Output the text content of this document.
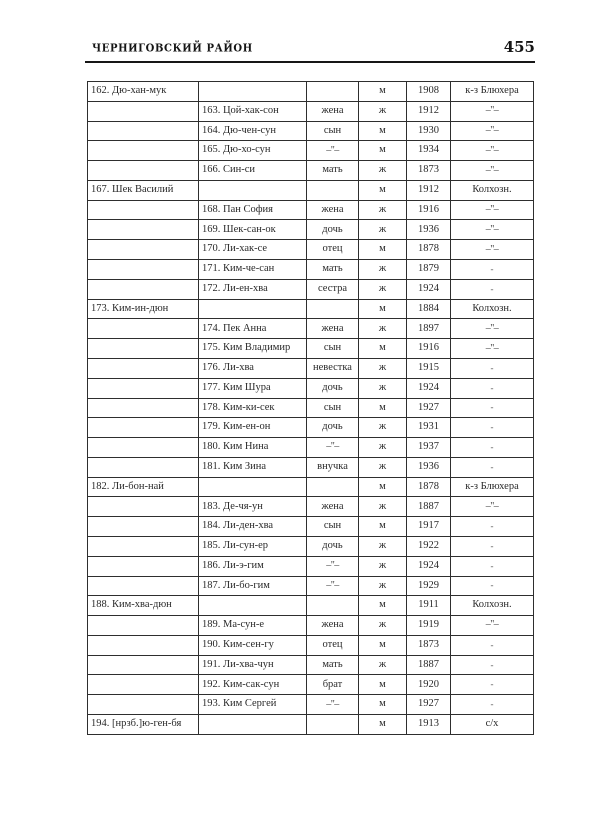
ЧЕРНИГОВСКИЙ РАЙОН	455
162. Дю-хан-мук			м	1908	к-з Блюхера
	163. Цой-хак-сон	жена	ж	1912	–"–
	164. Дю-чен-сун	сын	м	1930	–"–
	165. Дю-хо-сун	–"–	м	1934	–"–
	166. Син-си	мать	ж	1873	–"–
167. Шек Василий			м	1912	Колхозн.
	168. Пан София	жена	ж	1916	–"–
	169. Шек-сан-ок	дочь	ж	1936	–"–
	170. Ли-хак-се	отец	м	1878	–"–
	171. Ким-че-сан	мать	ж	1879	-
	172. Ли-ен-хва	сестра	ж	1924	-
173. Ким-ин-дюн			м	1884	Колхозн.
	174. Пек Анна	жена	ж	1897	–"–
	175. Ким Владимир	сын	м	1916	–"–
	176. Ли-хва	невестка	ж	1915	-
	177. Ким Шура	дочь	ж	1924	-
	178. Ким-ки-сек	сын	м	1927	-
	179. Ким-ен-он	дочь	ж	1931	-
	180. Ким Нина	–"–	ж	1937	-
	181. Ким Зина	внучка	ж	1936	-
182. Ли-бон-най			м	1878	к-з Блюхера
	183. Де-чя-ун	жена	ж	1887	–"–
	184. Ли-ден-хва	сын	м	1917	-
	185. Ли-сун-ер	дочь	ж	1922	-
	186. Ли-э-гим	–"–	ж	1924	-
	187. Ли-бо-гим	–"–	ж	1929	-
188. Ким-хва-дюн			м	1911	Колхозн.
	189. Ма-сун-е	жена	ж	1919	–"–
	190. Ким-сен-гу	отец	м	1873	-
	191. Ли-хва-чун	мать	ж	1887	-
	192. Ким-сак-сун	брат	м	1920	-
	193. Ким Сергей	–"–	м	1927	-
194. [нрзб.]ю-ген-бя			м	1913	с/х
